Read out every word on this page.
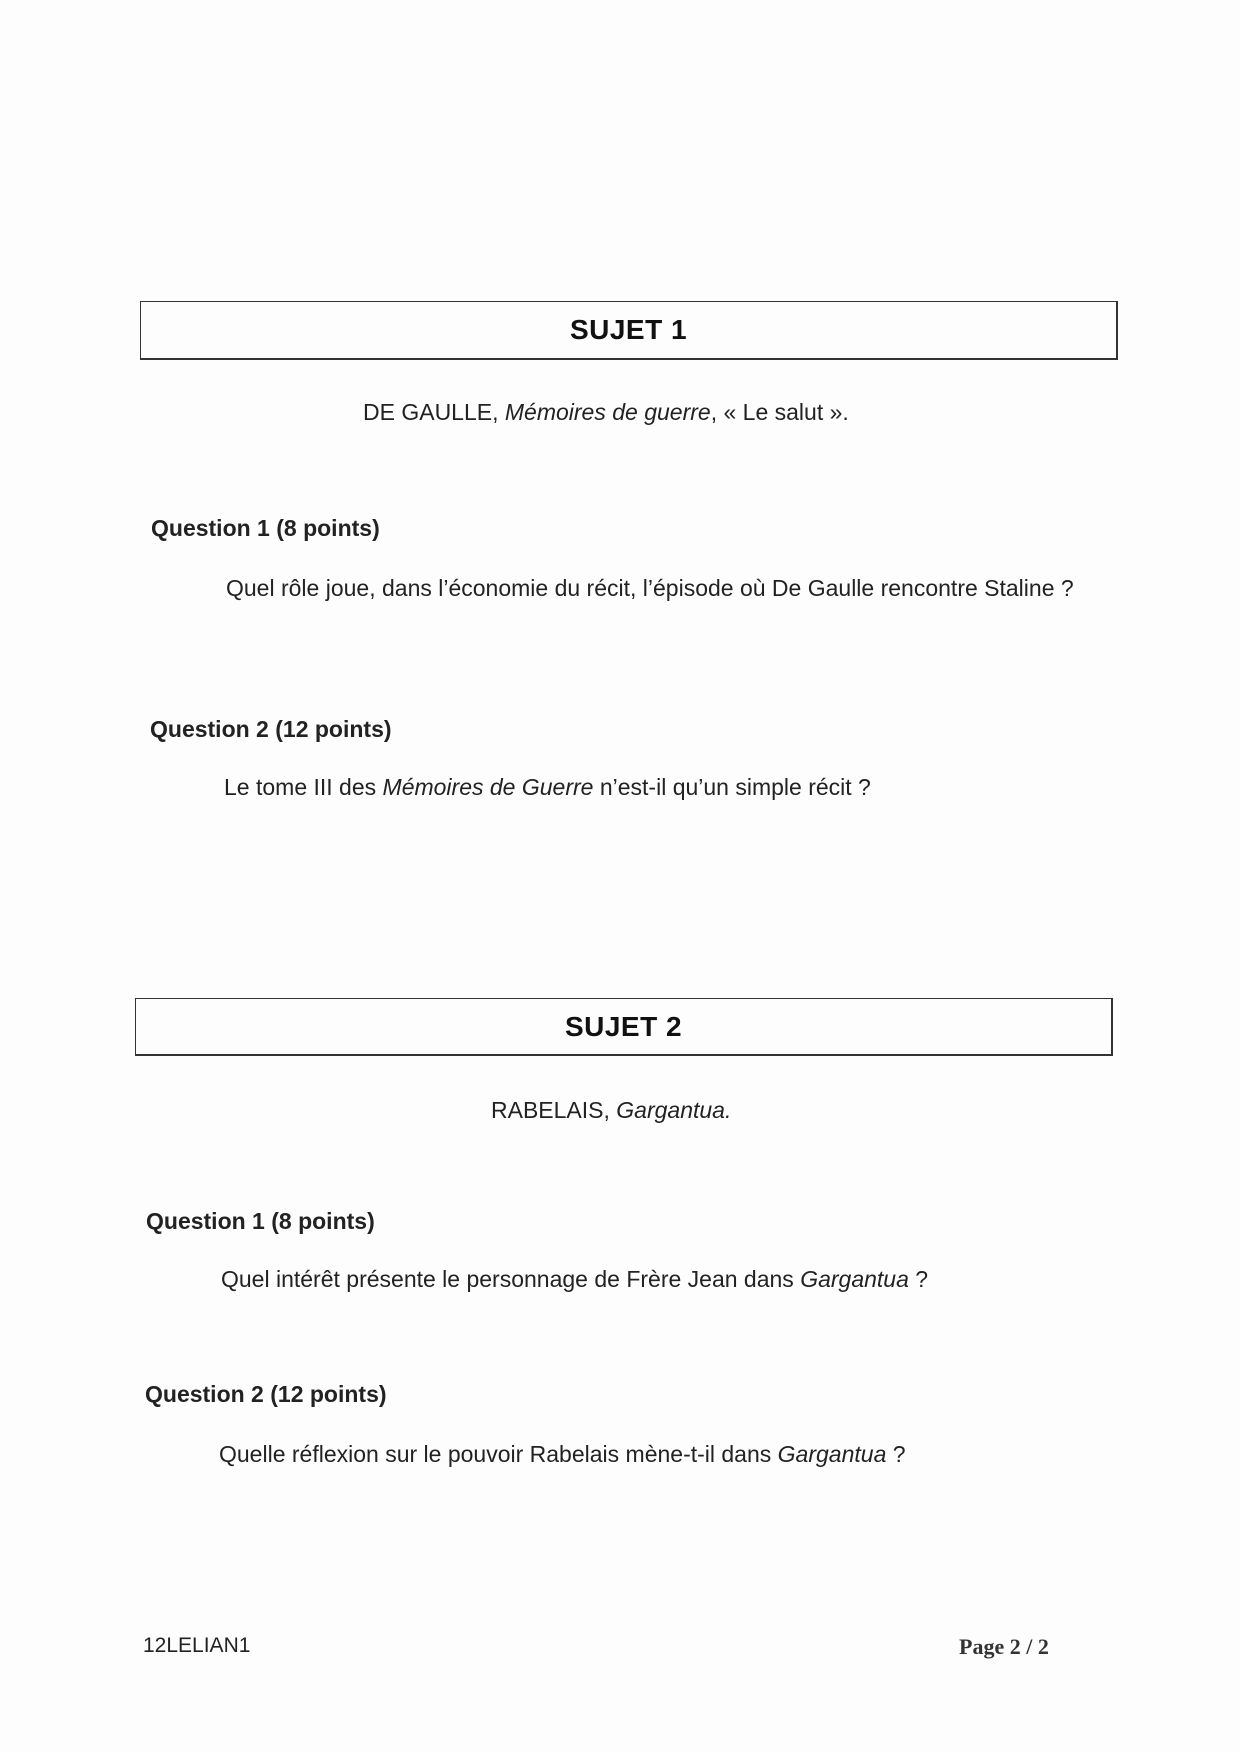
SUJET 1
DE GAULLE, Mémoires de guerre, « Le salut ».
Question 1 (8 points)
Quel rôle joue, dans l’économie du récit, l’épisode où De Gaulle rencontre Staline ?
Question 2 (12 points)
Le tome III des Mémoires de Guerre n’est-il qu’un simple récit ?
SUJET 2
RABELAIS, Gargantua.
Question 1 (8 points)
Quel intérêt présente le personnage de Frère Jean dans Gargantua ?
Question 2 (12 points)
Quelle réflexion sur le pouvoir Rabelais mène-t-il dans Gargantua ?
12LELIAN1	Page 2 / 2
